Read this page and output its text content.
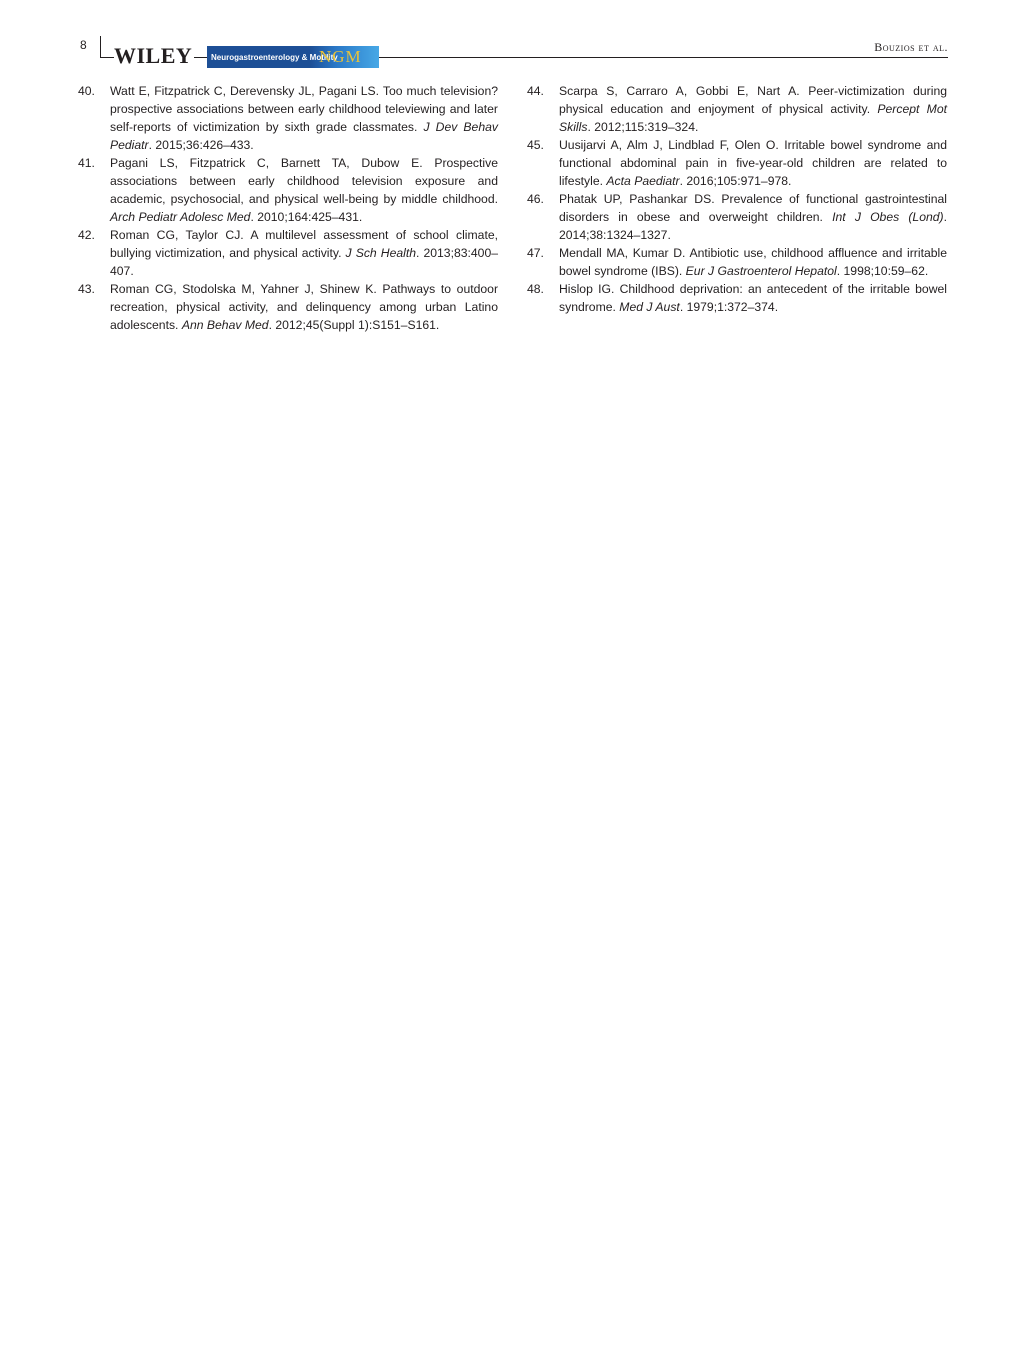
8 WILEY	Neurogastroenterology & Motility
NGM	Bouzios et al.
40.	Watt E, Fitzpatrick C, Derevensky JL, Pagani LS. Too much television? prospective associations between early childhood televiewing and later self-reports of victimization by sixth grade classmates. J Dev Behav Pediatr. 2015;36:426–433.
41.	Pagani LS, Fitzpatrick C, Barnett TA, Dubow E. Prospective associations between early childhood television exposure and academic, psychosocial, and physical well-being by middle childhood. Arch Pediatr Adolesc Med. 2010;164:425–431.
42.	Roman CG, Taylor CJ. A multilevel assessment of school climate, bullying victimization, and physical activity. J Sch Health. 2013;83:400–407.
43.	Roman CG, Stodolska M, Yahner J, Shinew K. Pathways to outdoor recreation, physical activity, and delinquency among urban Latino adolescents. Ann Behav Med. 2012;45(Suppl 1):S151–S161.
44.	Scarpa S, Carraro A, Gobbi E, Nart A. Peer-victimization during physical education and enjoyment of physical activity. Percept Mot Skills. 2012;115:319–324.
45.	Uusijarvi A, Alm J, Lindblad F, Olen O. Irritable bowel syndrome and functional abdominal pain in five-year-old children are related to lifestyle. Acta Paediatr. 2016;105:971–978.
46.	Phatak UP, Pashankar DS. Prevalence of functional gastrointestinal disorders in obese and overweight children. Int J Obes (Lond). 2014;38:1324–1327.
47.	Mendall MA, Kumar D. Antibiotic use, childhood affluence and irritable bowel syndrome (IBS). Eur J Gastroenterol Hepatol. 1998;10:59–62.
48.	Hislop IG. Childhood deprivation: an antecedent of the irritable bowel syndrome. Med J Aust. 1979;1:372–374.
